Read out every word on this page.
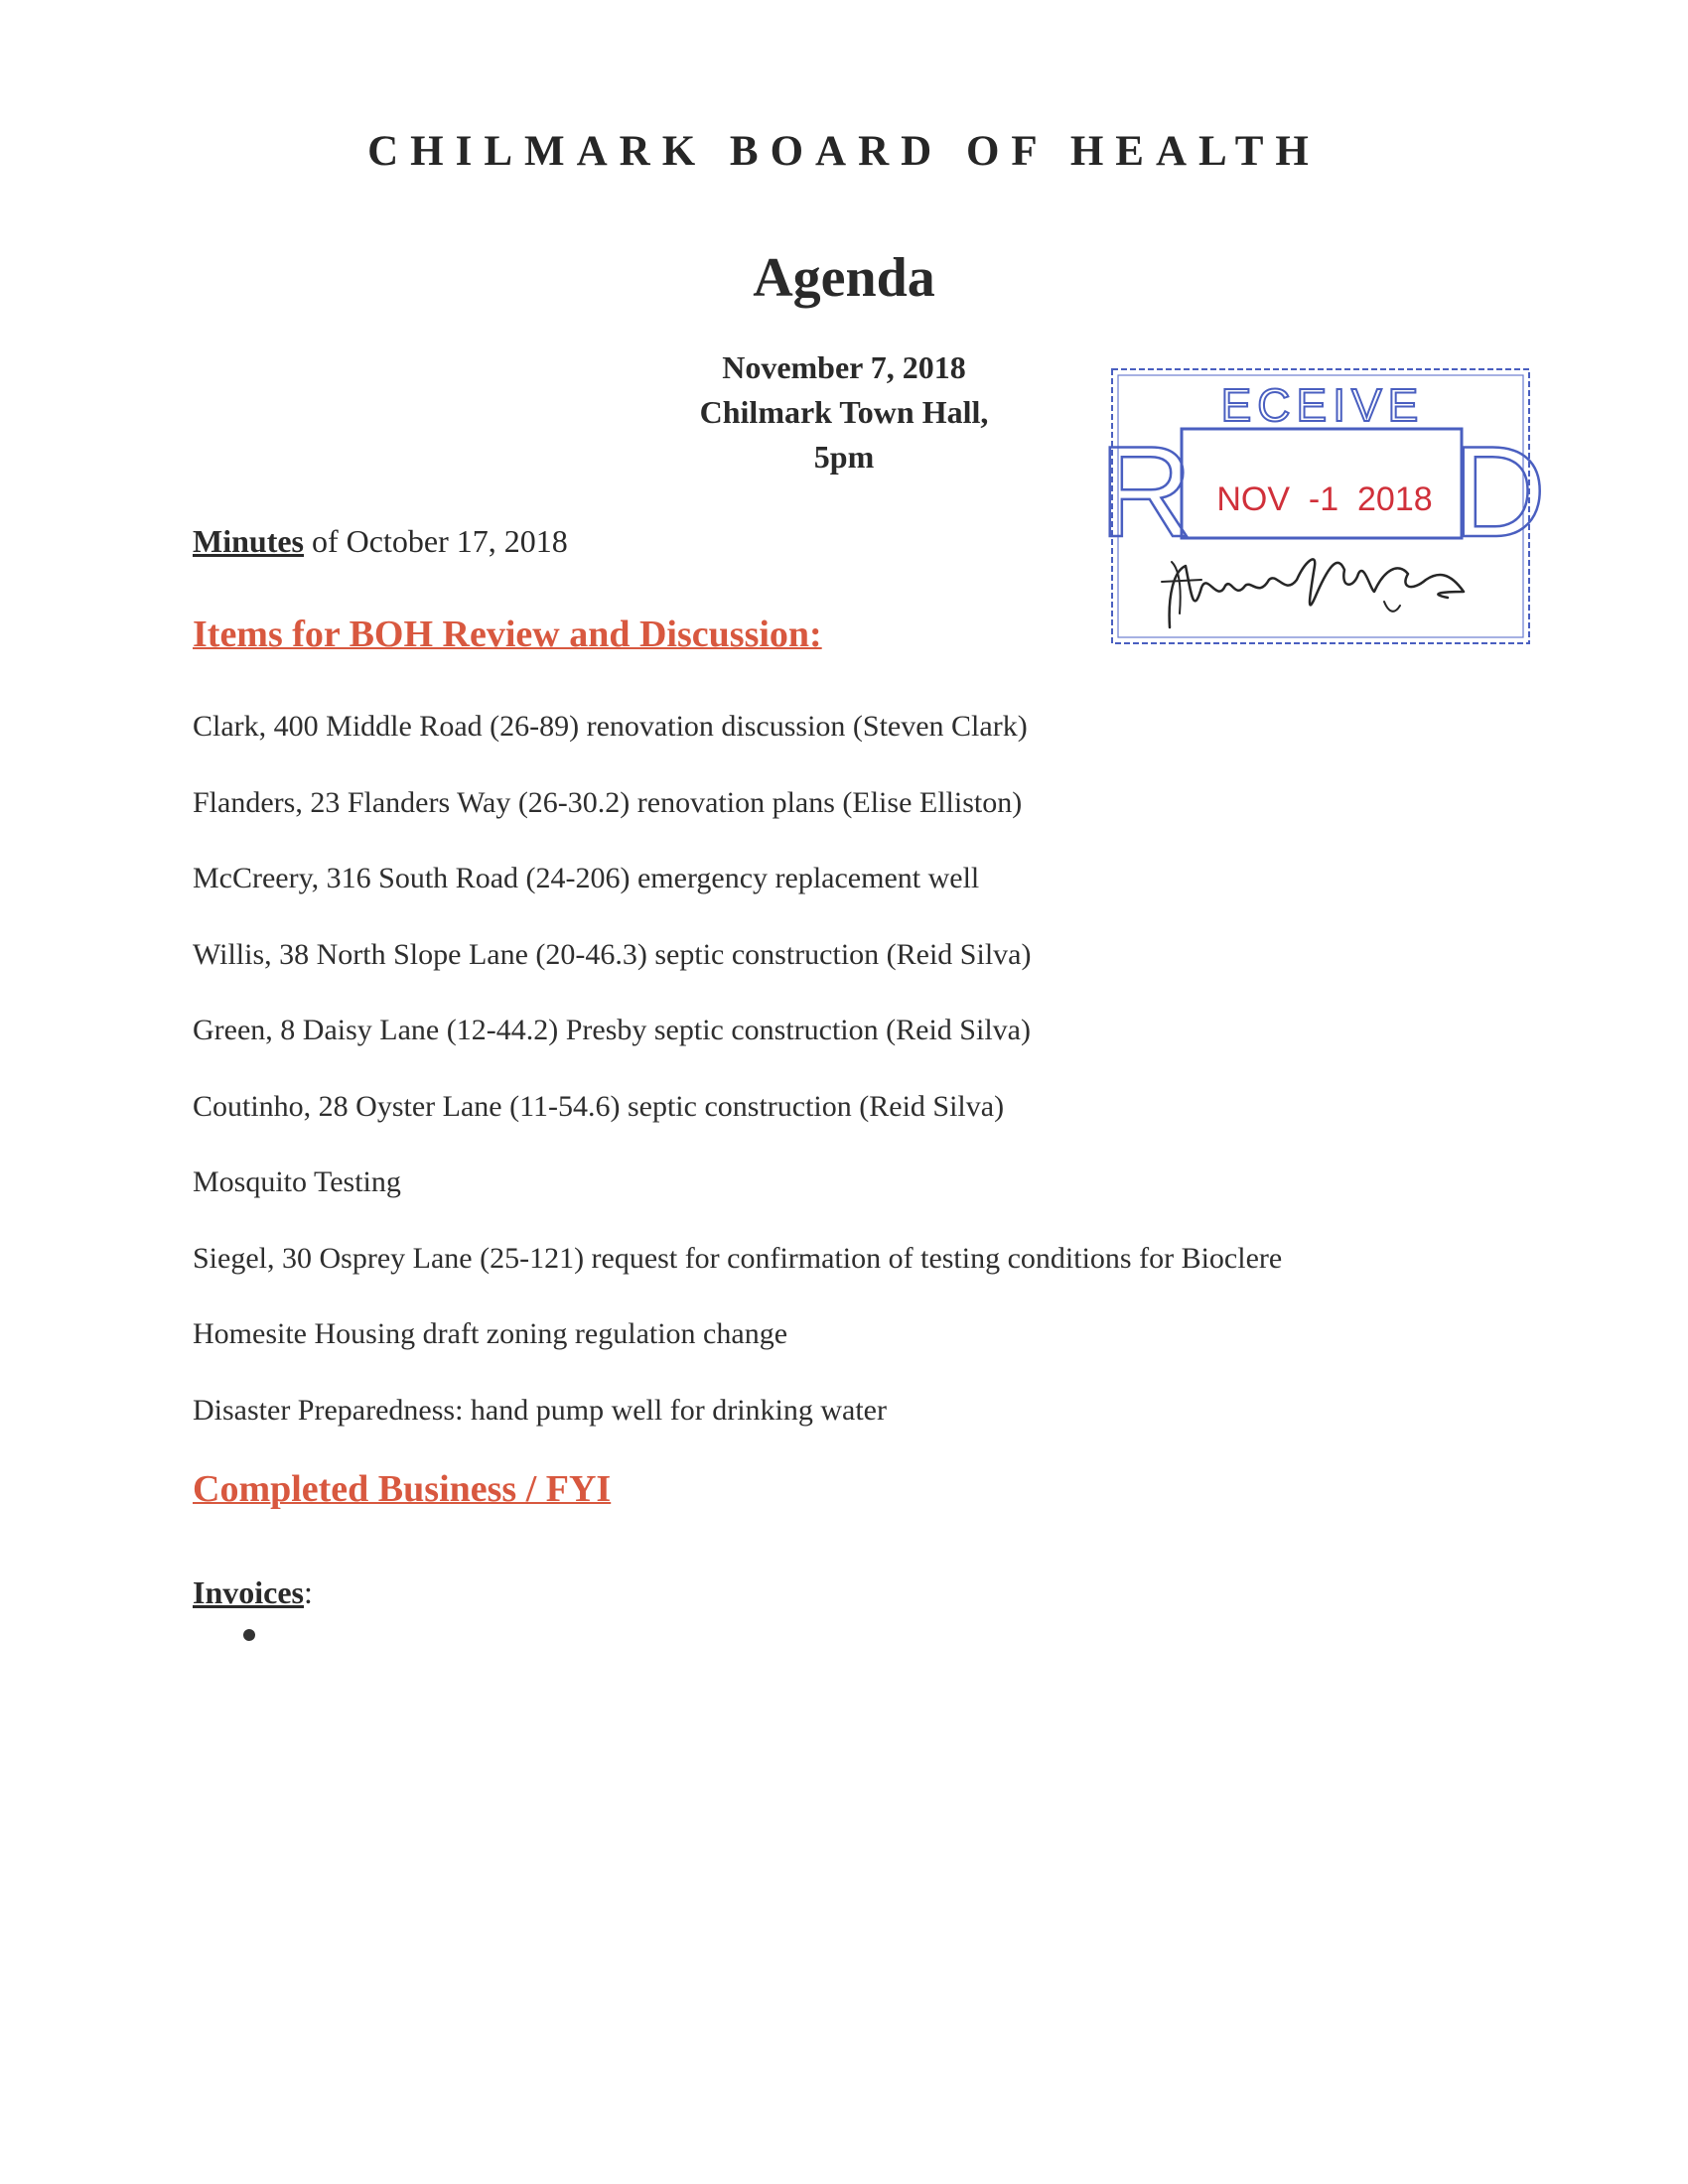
CHILMARK BOARD OF HEALTH
Agenda
November 7, 2018
Chilmark Town Hall,
5pm
Minutes of October 17, 2018
Items for BOH Review and Discussion:
Clark, 400 Middle Road (26-89) renovation discussion (Steven Clark)
Flanders, 23 Flanders Way (26-30.2) renovation plans (Elise Elliston)
McCreery, 316 South Road (24-206) emergency replacement well
Willis, 38 North Slope Lane (20-46.3) septic construction (Reid Silva)
Green, 8 Daisy Lane (12-44.2) Presby septic construction (Reid Silva)
Coutinho, 28 Oyster Lane (11-54.6) septic construction (Reid Silva)
Mosquito Testing
Siegel, 30 Osprey Lane (25-121) request for confirmation of testing conditions for Bioclere
Homesite Housing draft zoning regulation change
Disaster Preparedness: hand pump well for drinking water
Completed Business / FYI
Invoices:
R
ECEIVE
D
NOV  -1  2018
